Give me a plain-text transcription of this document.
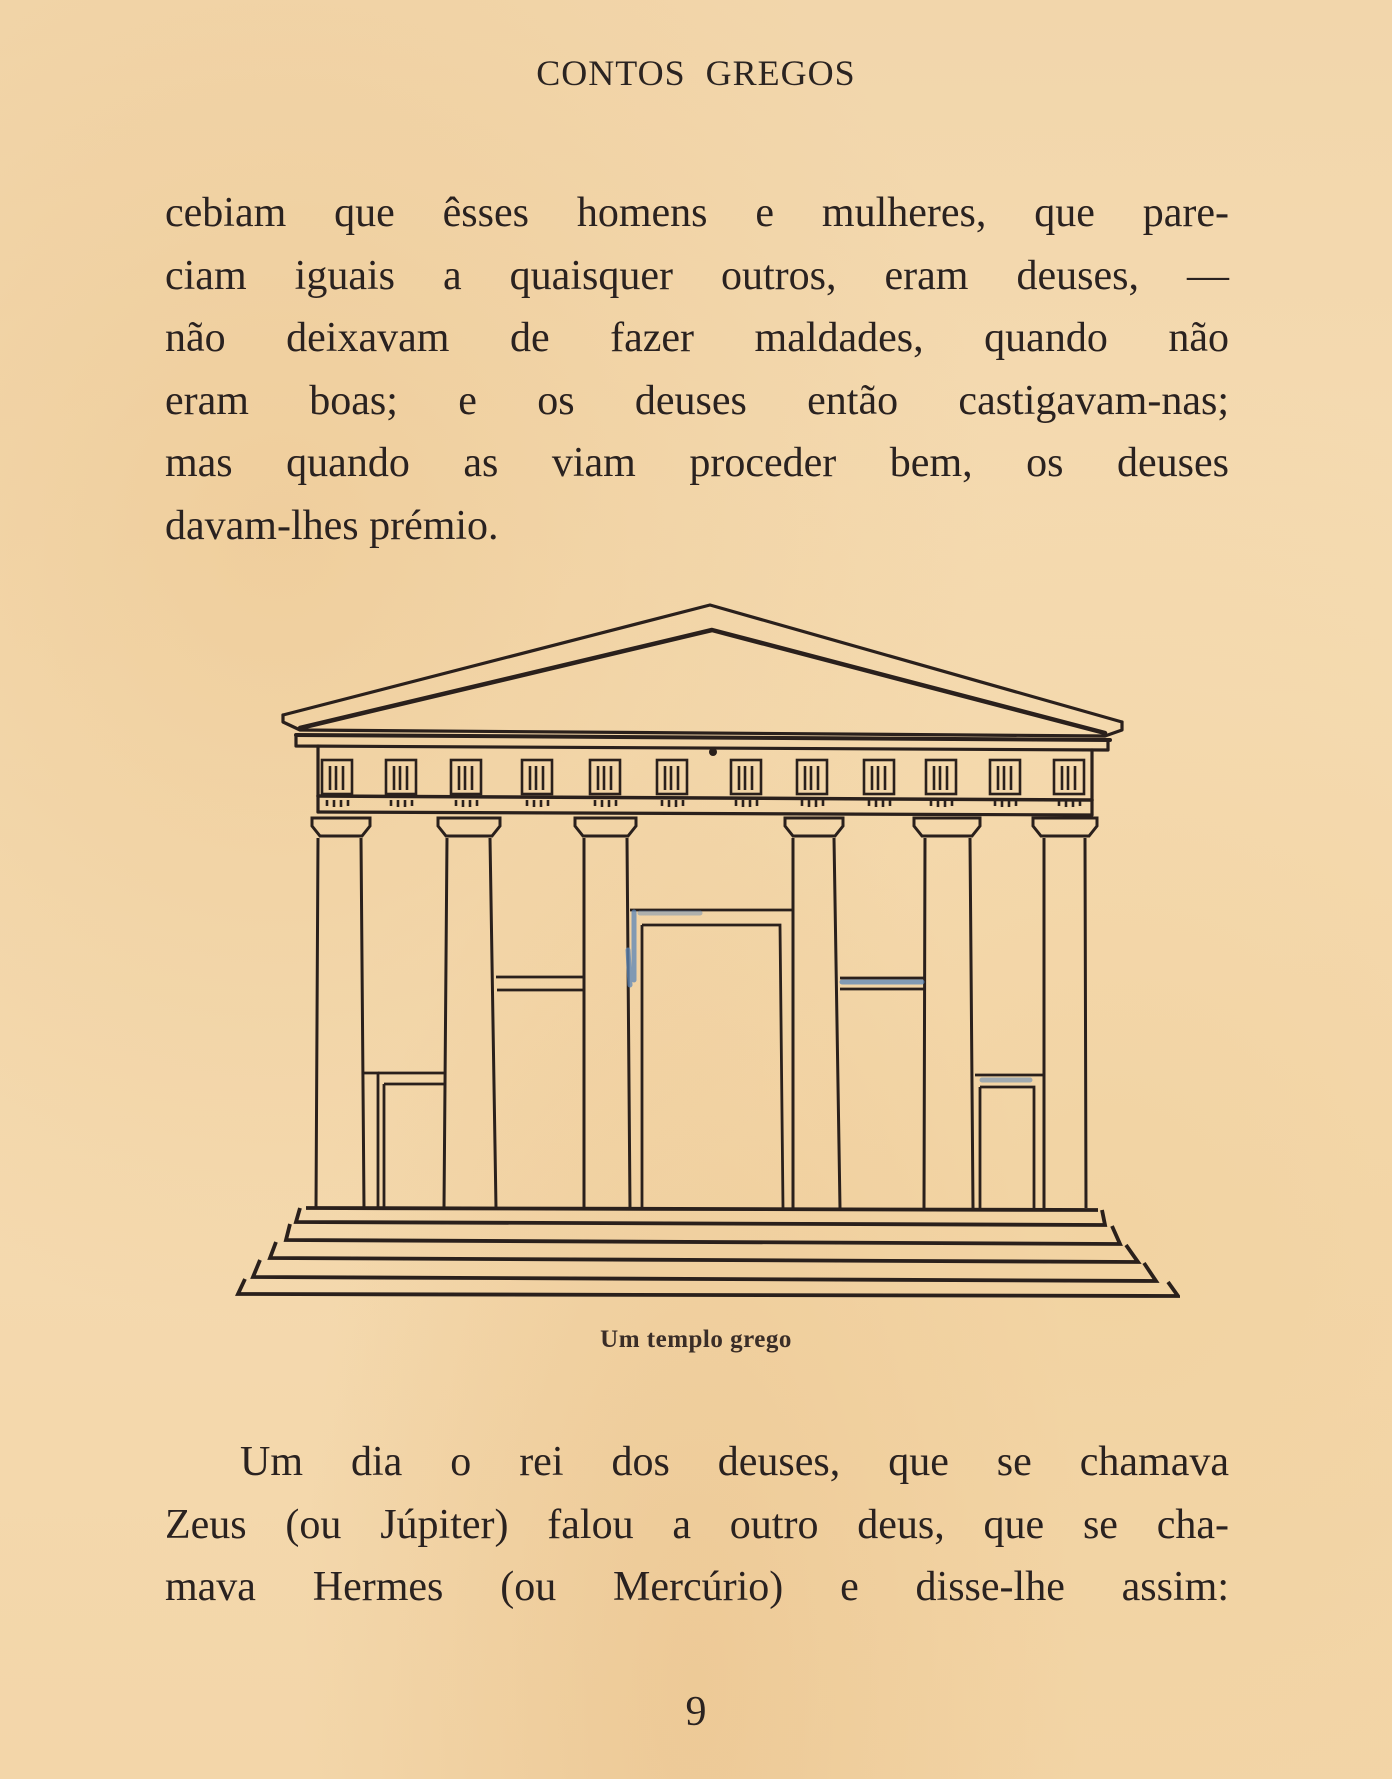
CONTOS GREGOS
cebiam que êsses homens e mulheres, que pare-
ciam iguais a quaisquer outros, eram deuses, —
não deixavam de fazer maldades, quando não
eram boas; e os deuses então castigavam-nas;
mas quando as viam proceder bem, os deuses
davam-lhes prémio.
Um templo grego
Um dia o rei dos deuses, que se chamava
Zeus (ou Júpiter) falou a outro deus, que se cha-
mava Hermes (ou Mercúrio) e disse-lhe assim:
9
